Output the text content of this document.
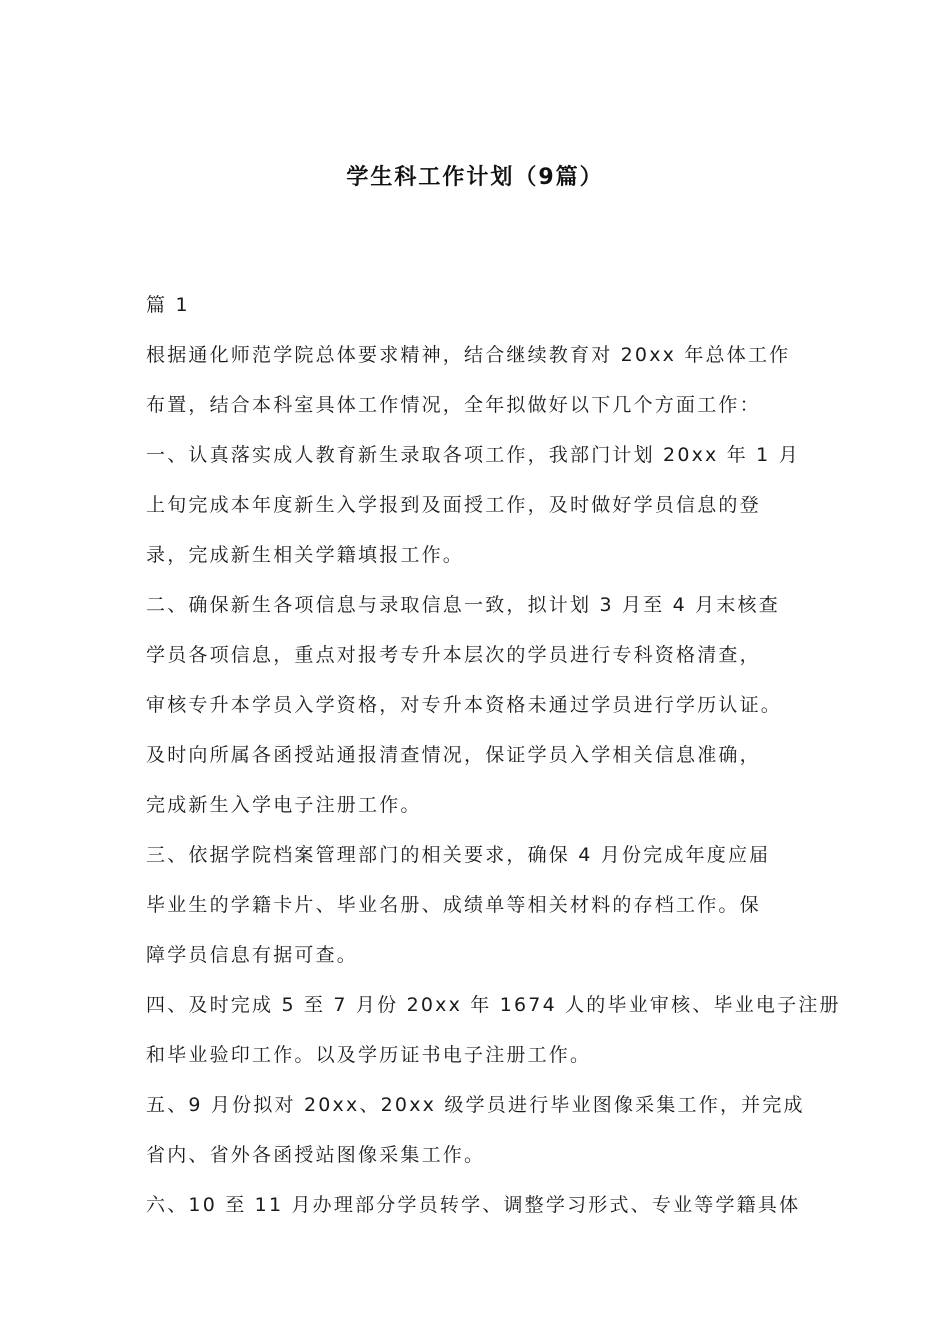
学生科工作计划（9篇）
篇 1
根据通化师范学院总体要求精神，结合继续教育对 20xx 年总体工作
布置，结合本科室具体工作情况，全年拟做好以下几个方面工作：
一、认真落实成人教育新生录取各项工作，我部门计划 20xx 年 1 月
上旬完成本年度新生入学报到及面授工作，及时做好学员信息的登
录，完成新生相关学籍填报工作。
二、确保新生各项信息与录取信息一致，拟计划 3 月至 4 月末核查
学员各项信息，重点对报考专升本层次的学员进行专科资格清查，
审核专升本学员入学资格，对专升本资格未通过学员进行学历认证。
及时向所属各函授站通报清查情况，保证学员入学相关信息准确，
完成新生入学电子注册工作。
三、依据学院档案管理部门的相关要求，确保 4 月份完成年度应届
毕业生的学籍卡片、毕业名册、成绩单等相关材料的存档工作。保
障学员信息有据可查。
四、及时完成 5 至 7 月份 20xx 年 1674 人的毕业审核、毕业电子注册
和毕业验印工作。以及学历证书电子注册工作。
五、9 月份拟对 20xx、20xx 级学员进行毕业图像采集工作，并完成
省内、省外各函授站图像采集工作。
六、10 至 11 月办理部分学员转学、调整学习形式、专业等学籍具体
